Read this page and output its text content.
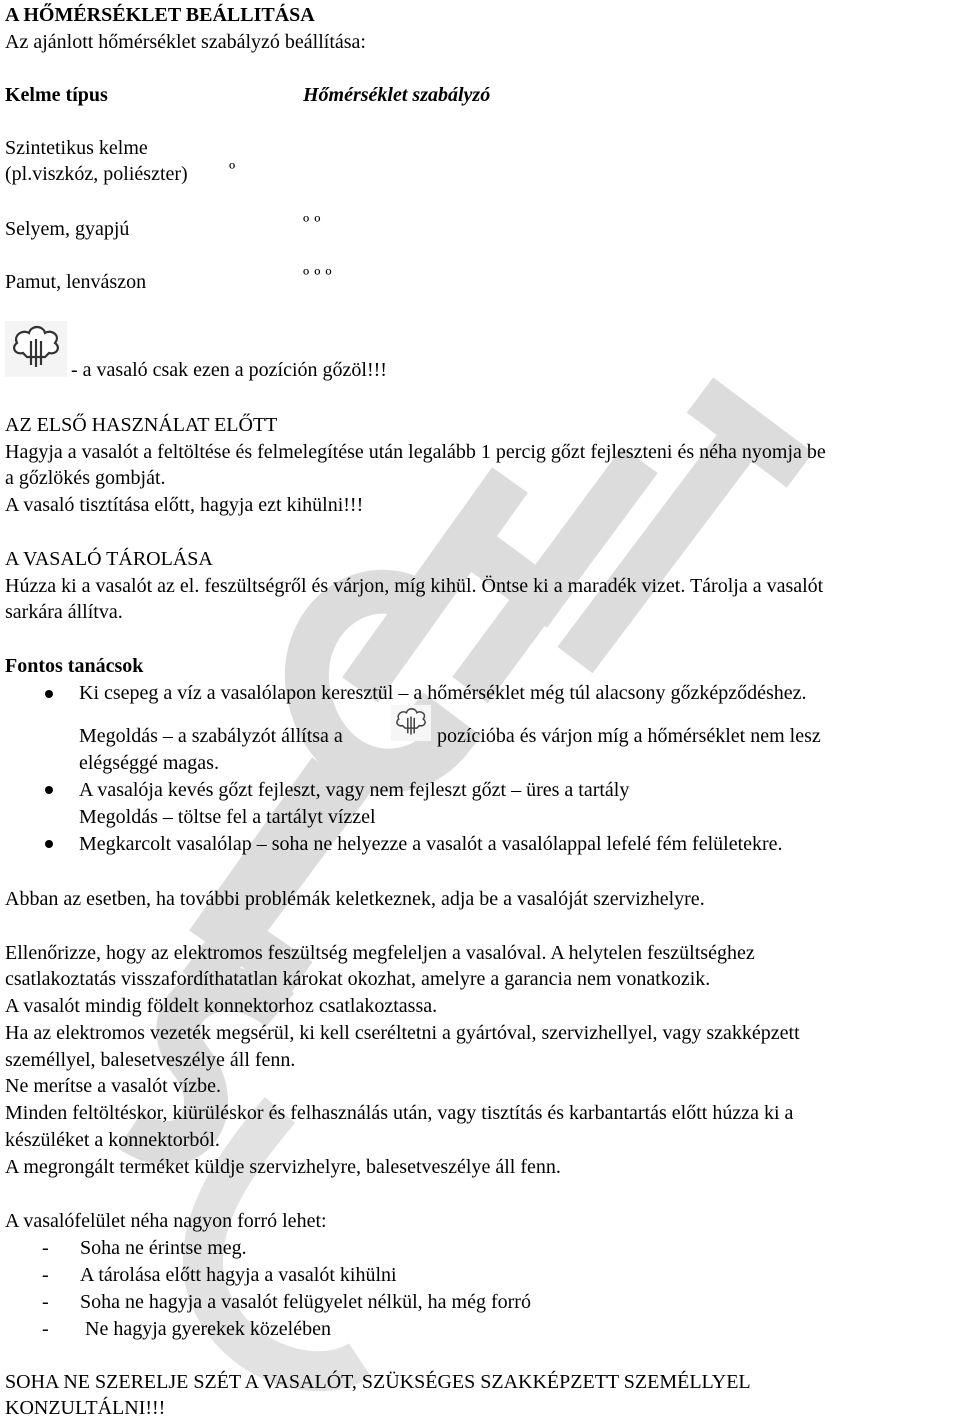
A HŐMÉRSÉKLET BEÁLLITÁSA
Az ajánlott hőmérséklet szabályzó beállítása:
Kelme típus	Hőmérséklet szabályzó
Szintetikus kelme
(pl.viszkóz, poliészter) º
Selyem, gyapjú	º º
Pamut, lenvászon	º º º
- a vasaló csak ezen a pozíción gőzöl!!!
AZ ELSŐ HASZNÁLAT ELŐTT
Hagyja a vasalót a feltöltése és felmelegítése után legalább 1 percig gőzt fejleszteni és néha nyomja be
a gőzlökés gombját.
A vasaló tisztítása előtt, hagyja ezt kihülni!!!
A VASALÓ TÁROLÁSA
Húzza ki a vasalót az el. feszültségről és várjon, míg kihül. Öntse ki a maradék vizet. Tárolja a vasalót
sarkára állítva.
Fontos tanácsok
Ki csepeg a víz a vasalólapon keresztül – a hőmérséklet még túl alacsony gőzképződéshez.
Megoldás – a szabályzót állítsa a	pozícióba és várjon míg a hőmérséklet nem lesz
elégséggé magas.
A vasalója kevés gőzt fejleszt, vagy nem fejleszt gőzt – üres a tartály
Megoldás – töltse fel a tartályt vízzel
Megkarcolt vasalólap – soha ne helyezze a vasalót a vasalólappal lefelé fém felületekre.
Abban az esetben, ha további problémák keletkeznek, adja be a vasalóját szervizhelyre.
Ellenőrizze, hogy az elektromos feszültség megfeleljen a vasalóval. A helytelen feszültséghez
csatlakoztatás visszafordíthatatlan károkat okozhat, amelyre a garancia nem vonatkozik.
A vasalót mindig földelt konnektorhoz csatlakoztassa.
Ha az elektromos vezeték megsérül, ki kell cseréltetni a gyártóval, szervizhellyel, vagy szakképzett
személlyel, balesetveszélye áll fenn.
Ne merítse a vasalót vízbe.
Minden feltöltéskor, kiürüléskor és felhasználás után, vagy tisztítás és karbantartás előtt húzza ki a
készüléket a konnektorból.
A megrongált terméket küldje szervizhelyre, balesetveszélye áll fenn.
A vasalófelület néha nagyon forró lehet:
- Soha ne érintse meg.
- A tárolása előtt hagyja a vasalót kihülni
- Soha ne hagyja a vasalót felügyelet nélkül, ha még forró
- Ne hagyja gyerekek közelében
SOHA NE SZERELJE SZÉT A VASALÓT, SZÜKSÉGES SZAKKÉPZETT SZEMÉLLYEL
KONZULTÁLNI!!!
